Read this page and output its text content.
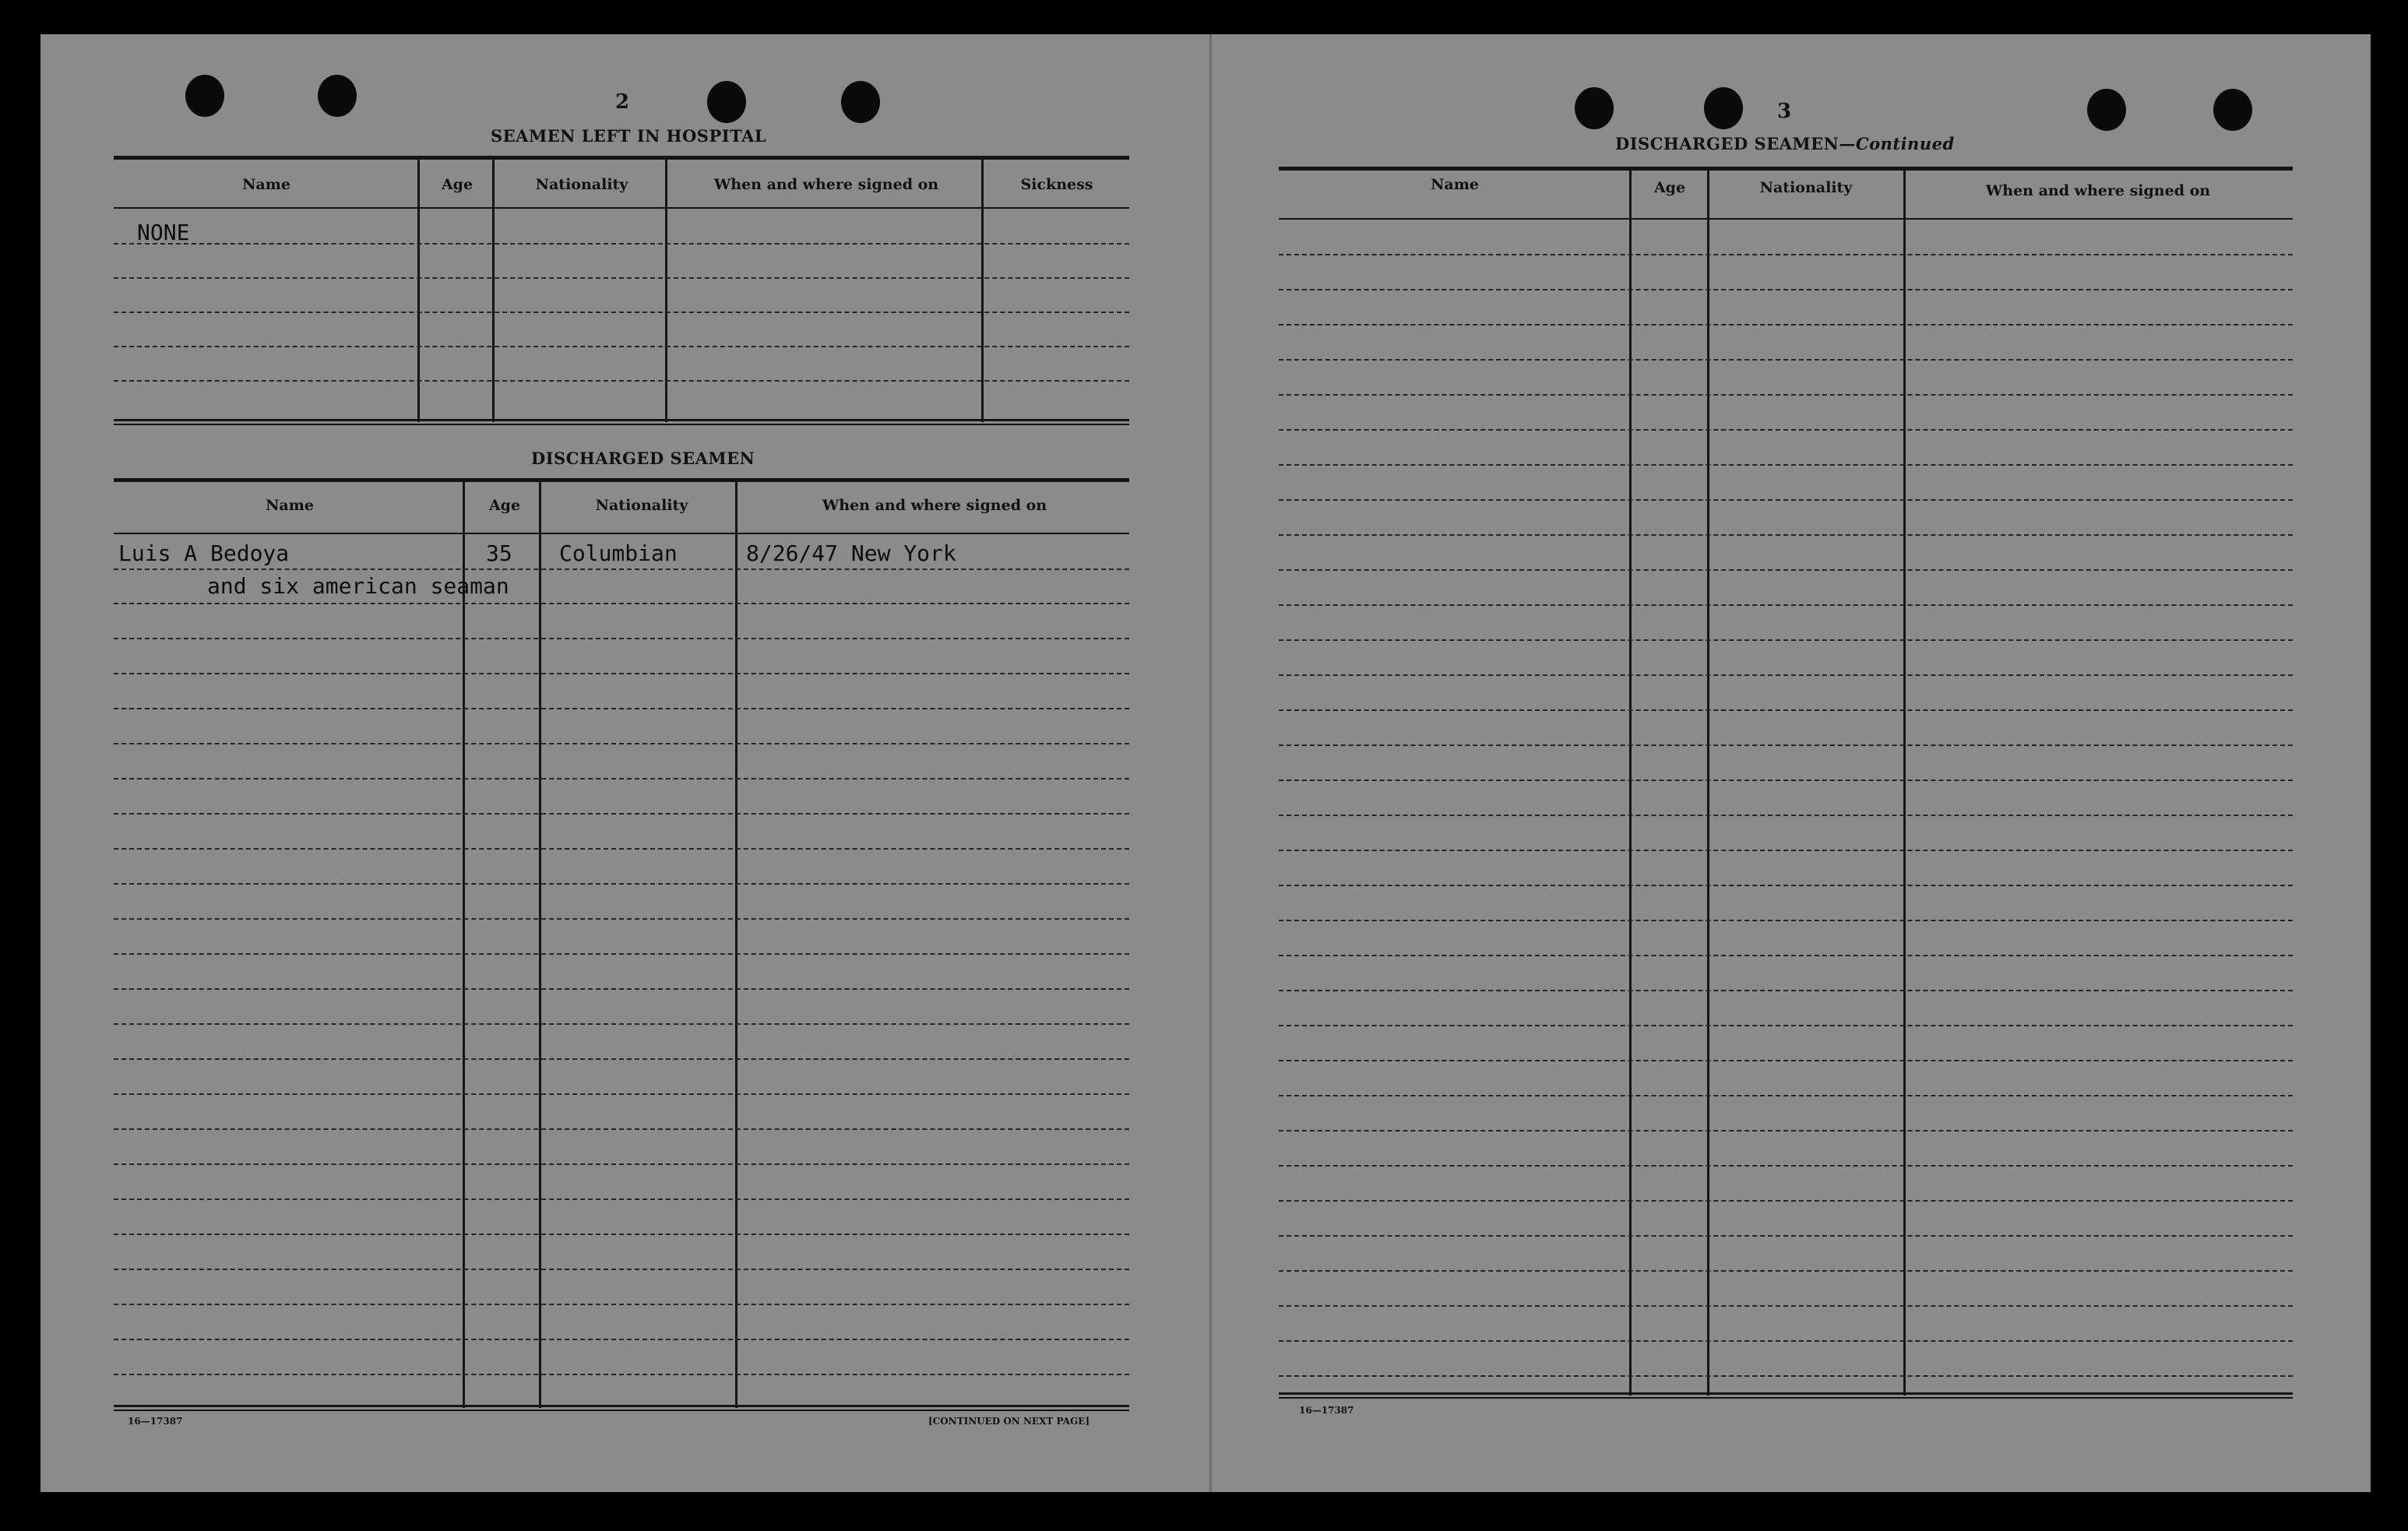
2
SEAMEN LEFT IN HOSPITAL
Name	Age	Nationality	When and where signed on	Sickness
NONE
DISCHARGED SEAMEN
Name	Age	Nationality	When and where signed on
Luis A Bedoya	35 Columbian	8/26/47 New York
and six american seaman
16—17387	[CONTINUED ON NEXT PAGE]
3
DISCHARGED SEAMEN—Continued
Name	Age	Nationality	When and where signed on
16—17387
